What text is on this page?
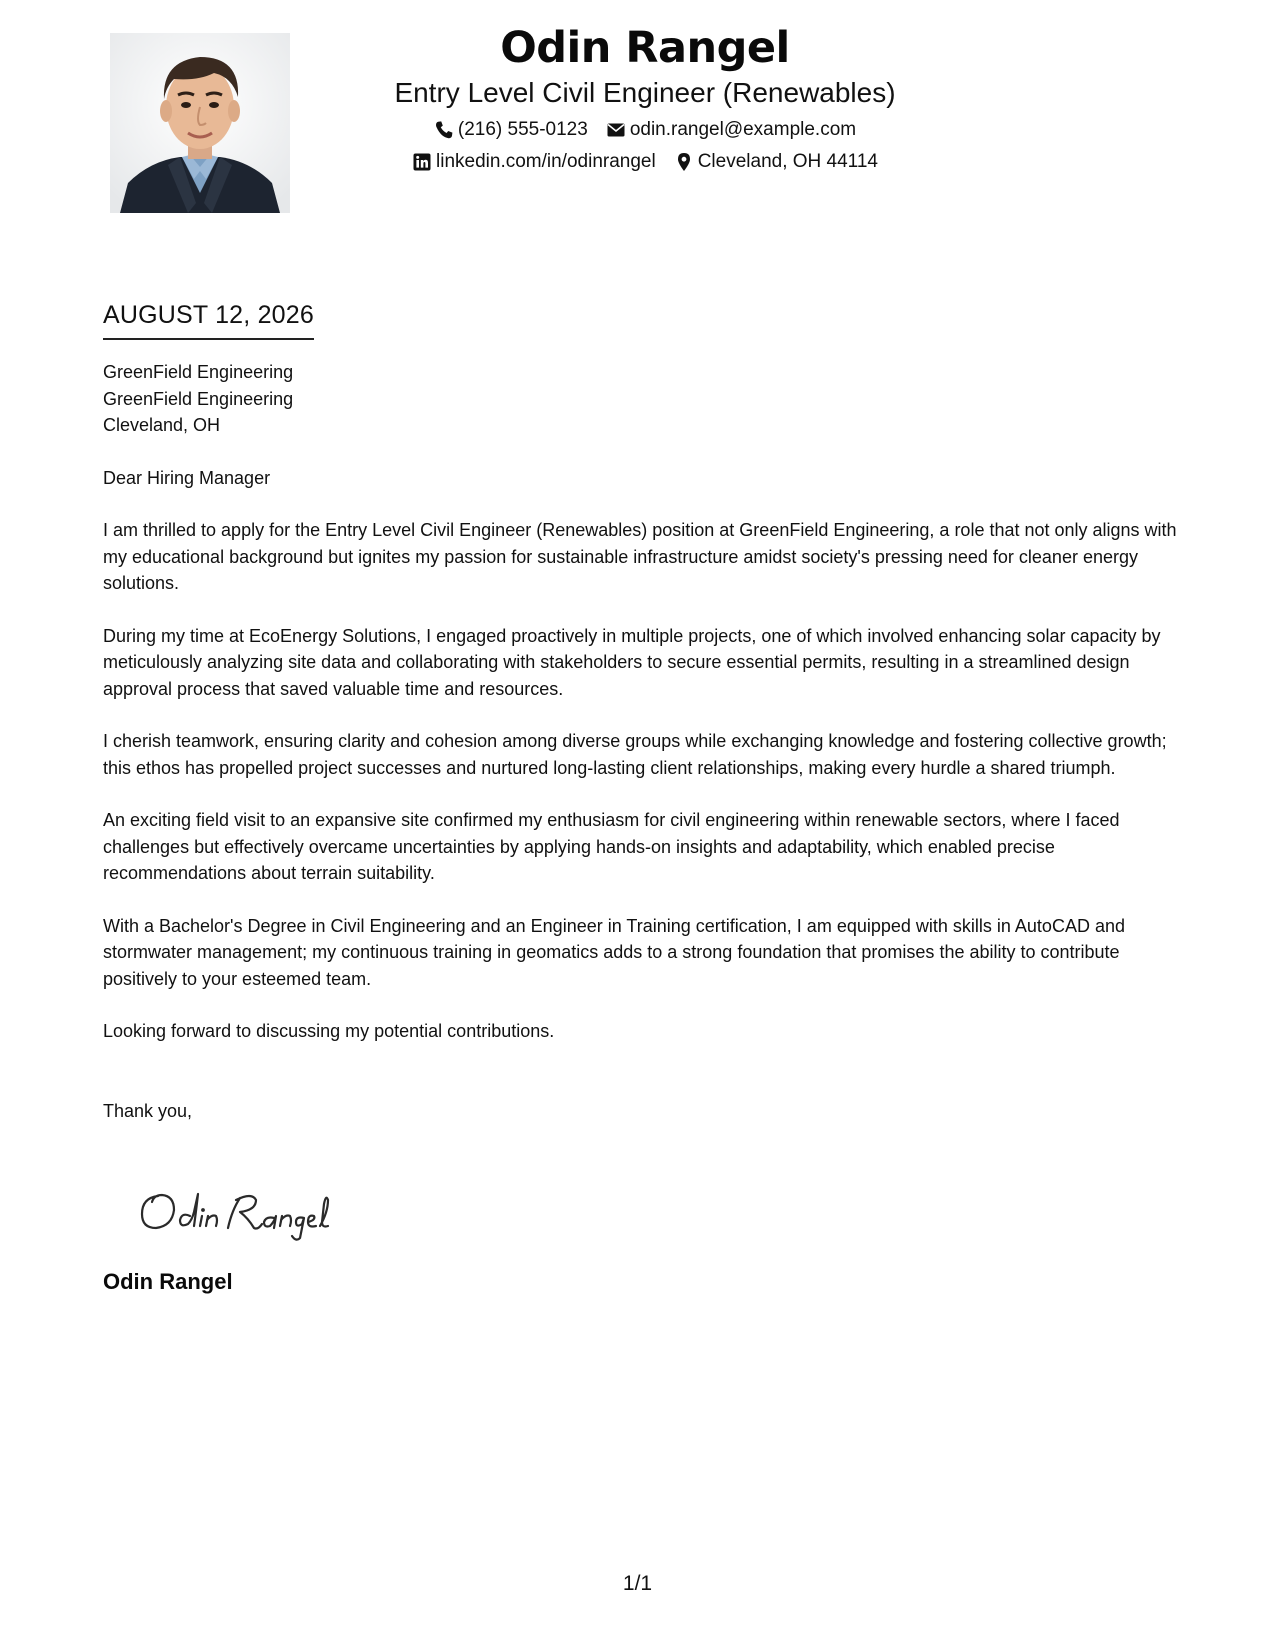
Odin Rangel
Entry Level Civil Engineer (Renewables)
(216) 555-0123 odin.rangel@example.com
linkedin.com/in/odinrangel Cleveland, OH 44114
AUGUST 12, 2026

GreenField Engineering

GreenField Engineering

Cleveland, OH

Dear Hiring Manager

I am thrilled to apply for the Entry Level Civil Engineer (Renewables) position at GreenField Engineering, a role that not only aligns with my educational background but ignites my passion for sustainable infrastructure amidst society's pressing need for cleaner energy solutions.

During my time at EcoEnergy Solutions, I engaged proactively in multiple projects, one of which involved enhancing solar capacity by meticulously analyzing site data and collaborating with stakeholders to secure essential permits, resulting in a streamlined design approval process that saved valuable time and resources.

I cherish teamwork, ensuring clarity and cohesion among diverse groups while exchanging knowledge and fostering collective growth; this ethos has propelled project successes and nurtured long-lasting client relationships, making every hurdle a shared triumph.

An exciting field visit to an expansive site confirmed my enthusiasm for civil engineering within renewable sectors, where I faced challenges but effectively overcame uncertainties by applying hands-on insights and adaptability, which enabled precise recommendations about terrain suitability.

With a Bachelor's Degree in Civil Engineering and an Engineer in Training certification, I am equipped with skills in AutoCAD and stormwater management; my continuous training in geomatics adds to a strong foundation that promises the ability to contribute positively to your esteemed team.

Looking forward to discussing my potential contributions.

Thank you,

Odin Rangel
1/1
